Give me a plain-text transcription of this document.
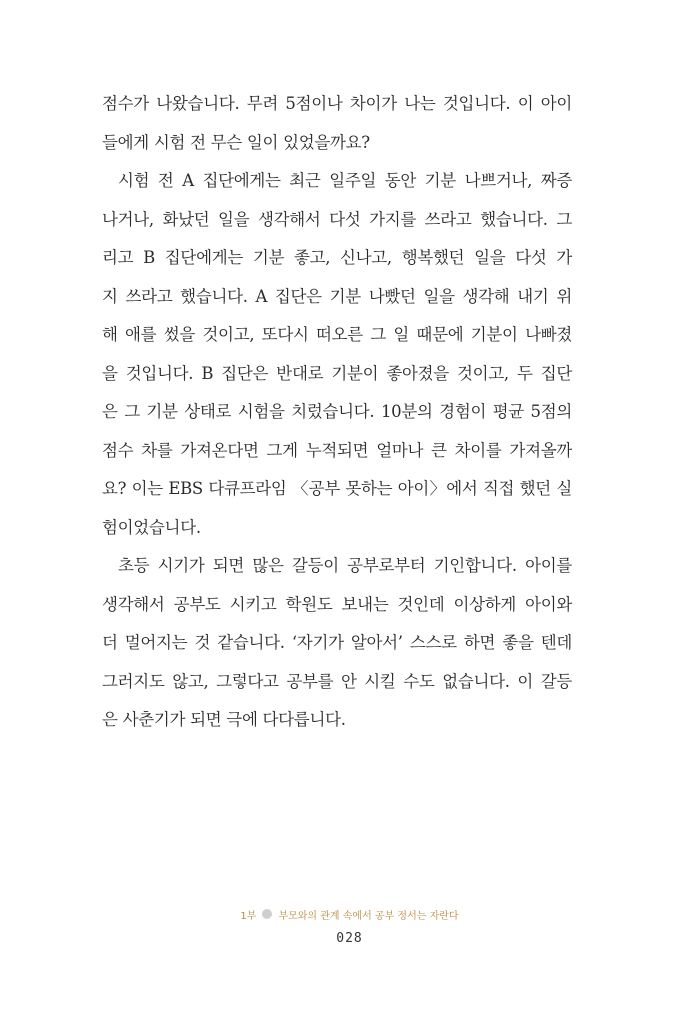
점수가 나왔습니다. 무려 5점이나 차이가 나는 것입니다. 이 아이
들에게 시험 전 무슨 일이 있었을까요?
시험 전 A 집단에게는 최근 일주일 동안 기분 나쁘거나, 짜증
나거나, 화났던 일을 생각해서 다섯 가지를 쓰라고 했습니다. 그
리고 B 집단에게는 기분 좋고, 신나고, 행복했던 일을 다섯 가
지 쓰라고 했습니다. A 집단은 기분 나빴던 일을 생각해 내기 위
해 애를 썼을 것이고, 또다시 떠오른 그 일 때문에 기분이 나빠졌
을 것입니다. B 집단은 반대로 기분이 좋아졌을 것이고, 두 집단
은 그 기분 상태로 시험을 치렀습니다. 10분의 경험이 평균 5점의
점수 차를 가져온다면 그게 누적되면 얼마나 큰 차이를 가져올까
요? 이는 EBS 다큐프라임 〈공부 못하는 아이〉에서 직접 했던 실
험이었습니다.
초등 시기가 되면 많은 갈등이 공부로부터 기인합니다. 아이를
생각해서 공부도 시키고 학원도 보내는 것인데 이상하게 아이와
더 멀어지는 것 같습니다. ‘자기가 알아서’ 스스로 하면 좋을 텐데
그러지도 않고, 그렇다고 공부를 안 시킬 수도 없습니다. 이 갈등
은 사춘기가 되면 극에 다다릅니다.
1부 부모와의 관계 속에서 공부 정서는 자란다
028
